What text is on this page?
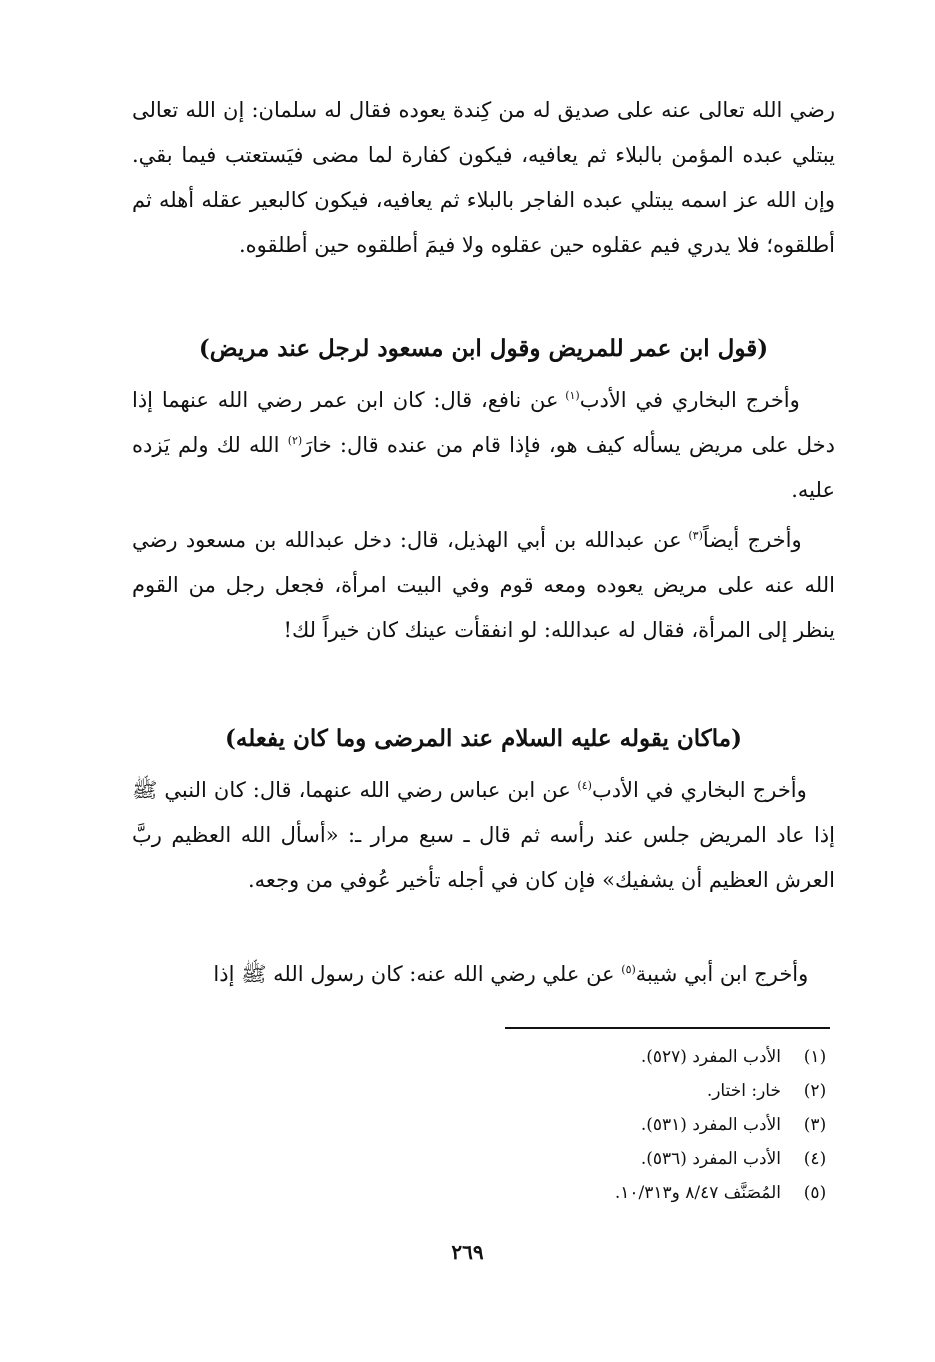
رضي الله تعالى عنه على صديق له من كِندة يعوده فقال له سلمان: إن الله تعالى يبتلي عبده المؤمن بالبلاء ثم يعافيه، فيكون كفارة لما مضى فيَستعتب فيما بقي. وإن الله عز اسمه يبتلي عبده الفاجر بالبلاء ثم يعافيه، فيكون كالبعير عقله أهله ثم أطلقوه؛ فلا يدري فيم عقلوه حين عقلوه ولا فيمَ أطلقوه حين أطلقوه.

(قول ابن عمر للمريض وقول ابن مسعود لرجل عند مريض)

وأخرج البخاري في الأدب$^{(١)}$ عن نافع، قال: كان ابن عمر رضي الله عنهما إذا دخل على مريض يسأله كيف هو، فإذا قام من عنده قال: خارَ$^{(٢)}$ الله لك ولم يَزده عليه.

وأخرج أيضاً$^{(٣)}$ عن عبدالله بن أبي الهذيل، قال: دخل عبدالله بن مسعود رضي الله عنه على مريض يعوده ومعه قوم وفي البيت امرأة، فجعل رجل من القوم ينظر إلى المرأة، فقال له عبدالله: لو انفقأت عينك كان خيراً لك!

(ماكان يقوله عليه السلام عند المرضى وما كان يفعله)

وأخرج البخاري في الأدب$^{(٤)}$ عن ابن عباس رضي الله عنهما، قال: كان النبي ﷺ إذا عاد المريض جلس عند رأسه ثم قال ـ سبع مرار ـ: «أسأل الله العظيم ربَّ العرش العظيم أن يشفيك» فإن كان في أجله تأخير عُوفي من وجعه.

وأخرج ابن أبي شيبة$^{(٥)}$ عن علي رضي الله عنه: كان رسول الله ﷺ إذا

(١)
الأدب المفرد (٥٢٧).
(٢)
خار: اختار.
(٣)
الأدب المفرد (٥٣١).
(٤)
الأدب المفرد (٥٣٦).
(٥)
المُصَنَّف ٨/٤٧ و١٠/٣١٣.
٢٦٩
